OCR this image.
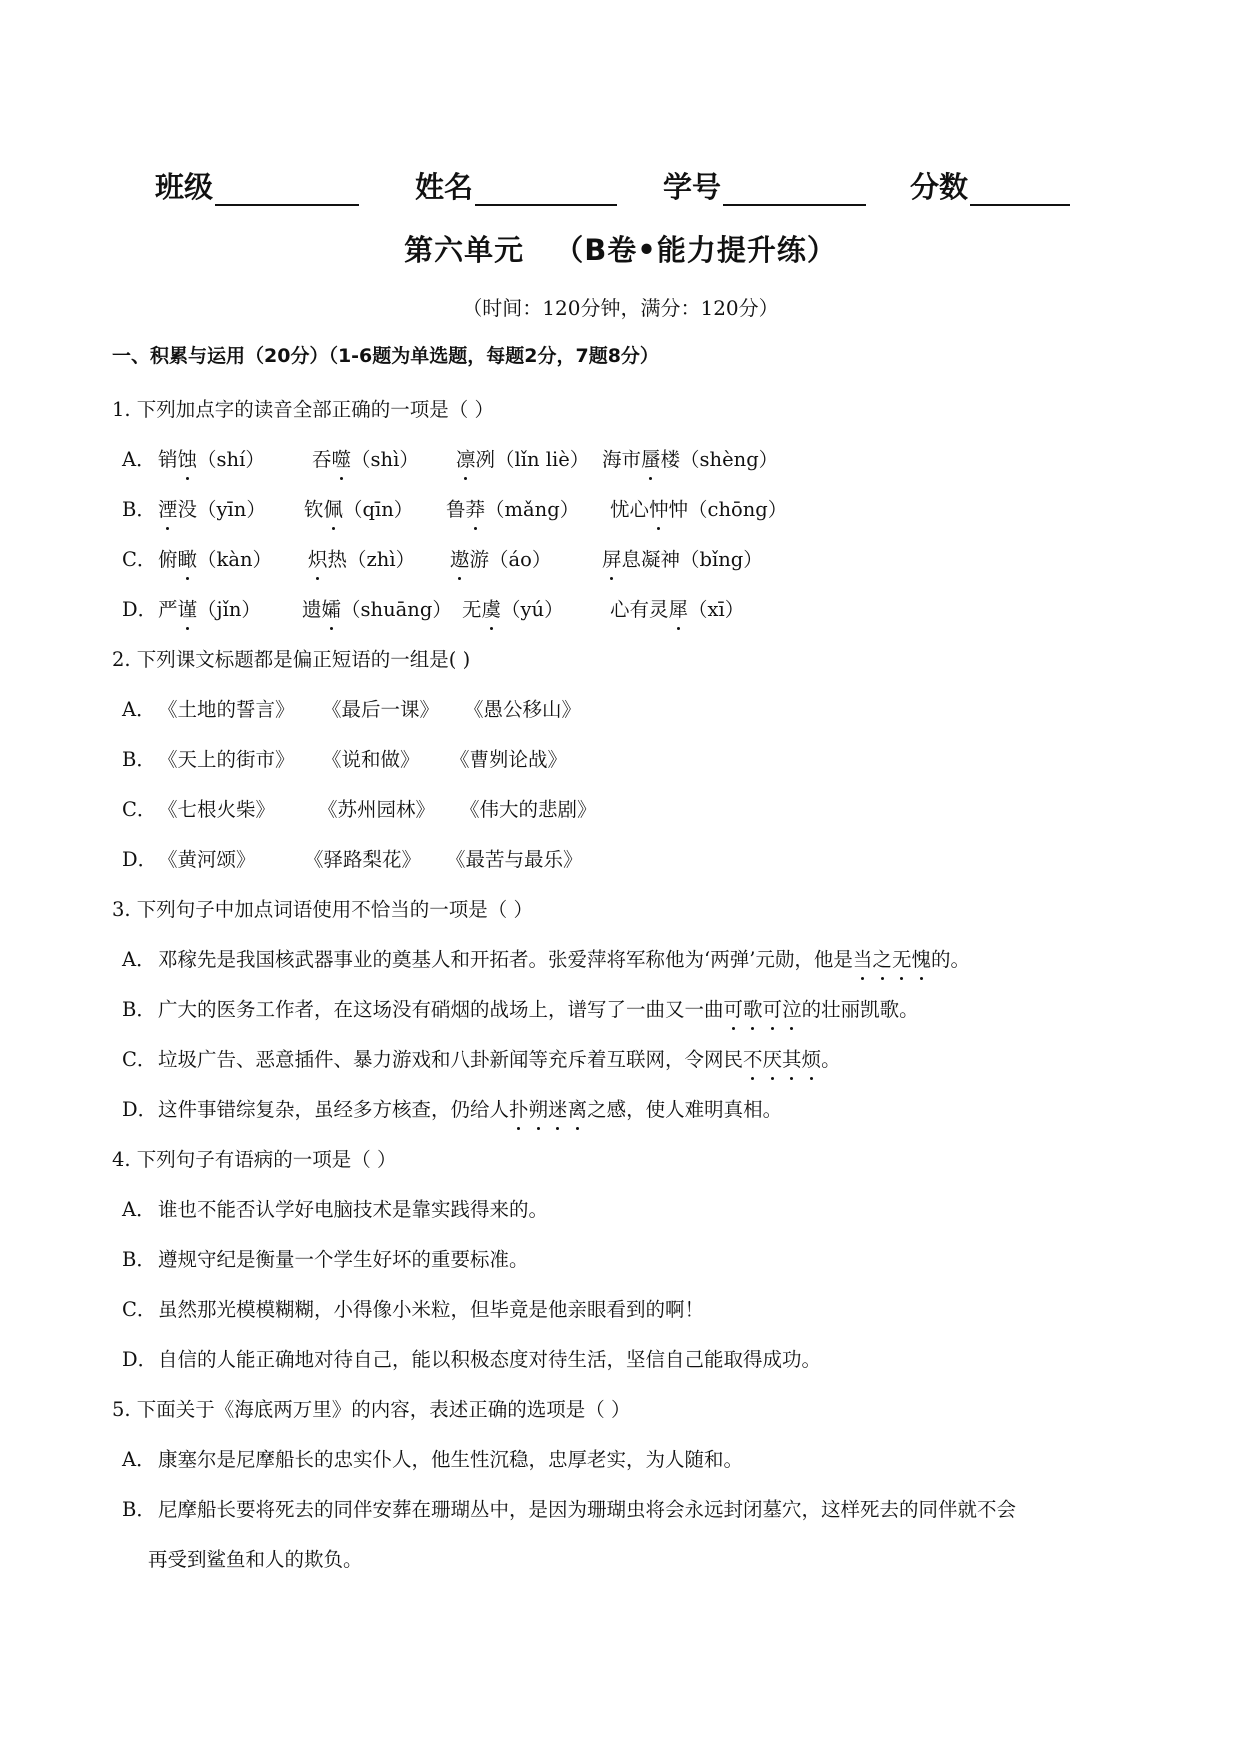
班级	姓名	学号	分数
第六单元 （B卷•能力提升练）
（时间：120分钟，满分：120分）
一、积累与运用（20分）（1-6题为单选题，每题2分，7题8分）
1. 下列加点字的读音全部正确的一项是（ ）
A． 销蚀（shí） 吞噬（shì） 凛冽（lǐn liè） 海市蜃楼（shèng）
B． 湮没（yīn） 钦佩（qīn） 鲁莽（mǎng） 忧心忡忡（chōng）
C．俯瞰（kàn） 炽热（zhì） 遨游（áo）	屏息凝神（bǐng）
D．严谨（jǐn） 遗孀（shuāng） 无虞（yú） 心有灵犀（xī）
2. 下列课文标题都是偏正短语的一组是( )
A． 《土地的誓言》 《最后一课》 《愚公移山》
B． 《天上的街市》 《说和做》 《曹刿论战》
C．《七根火柴》 《苏州园林》 《伟大的悲剧》
D．《黄河颂》 《驿路梨花》 《最苦与最乐》
3. 下列句子中加点词语使用不恰当的一项是（ ）
A． 邓稼先是我国核武器事业的奠基人和开拓者。张爱萍将军称他为‘两弹’元勋，他是当之无愧的。
B． 广大的医务工作者，在这场没有硝烟的战场上，谱写了一曲又一曲可歌可泣的壮丽凯歌。
C．垃圾广告、恶意插件、暴力游戏和八卦新闻等充斥着互联网，令网民不厌其烦。
D．这件事错综复杂，虽经多方核查，仍给人扑朔迷离之感，使人难明真相。
4. 下列句子有语病的一项是（ ）
A． 谁也不能否认学好电脑技术是靠实践得来的。
B． 遵规守纪是衡量一个学生好坏的重要标准。
C．虽然那光模模糊糊，小得像小米粒，但毕竟是他亲眼看到的啊！
D．自信的人能正确地对待自己，能以积极态度对待生活，坚信自己能取得成功。
5. 下面关于《海底两万里》的内容，表述正确的选项是（ ）
A． 康塞尔是尼摩船长的忠实仆人，他生性沉稳，忠厚老实，为人随和。
B． 尼摩船长要将死去的同伴安葬在珊瑚丛中，是因为珊瑚虫将会永远封闭墓穴，这样死去的同伴就不会
再受到鲨鱼和人的欺负。
